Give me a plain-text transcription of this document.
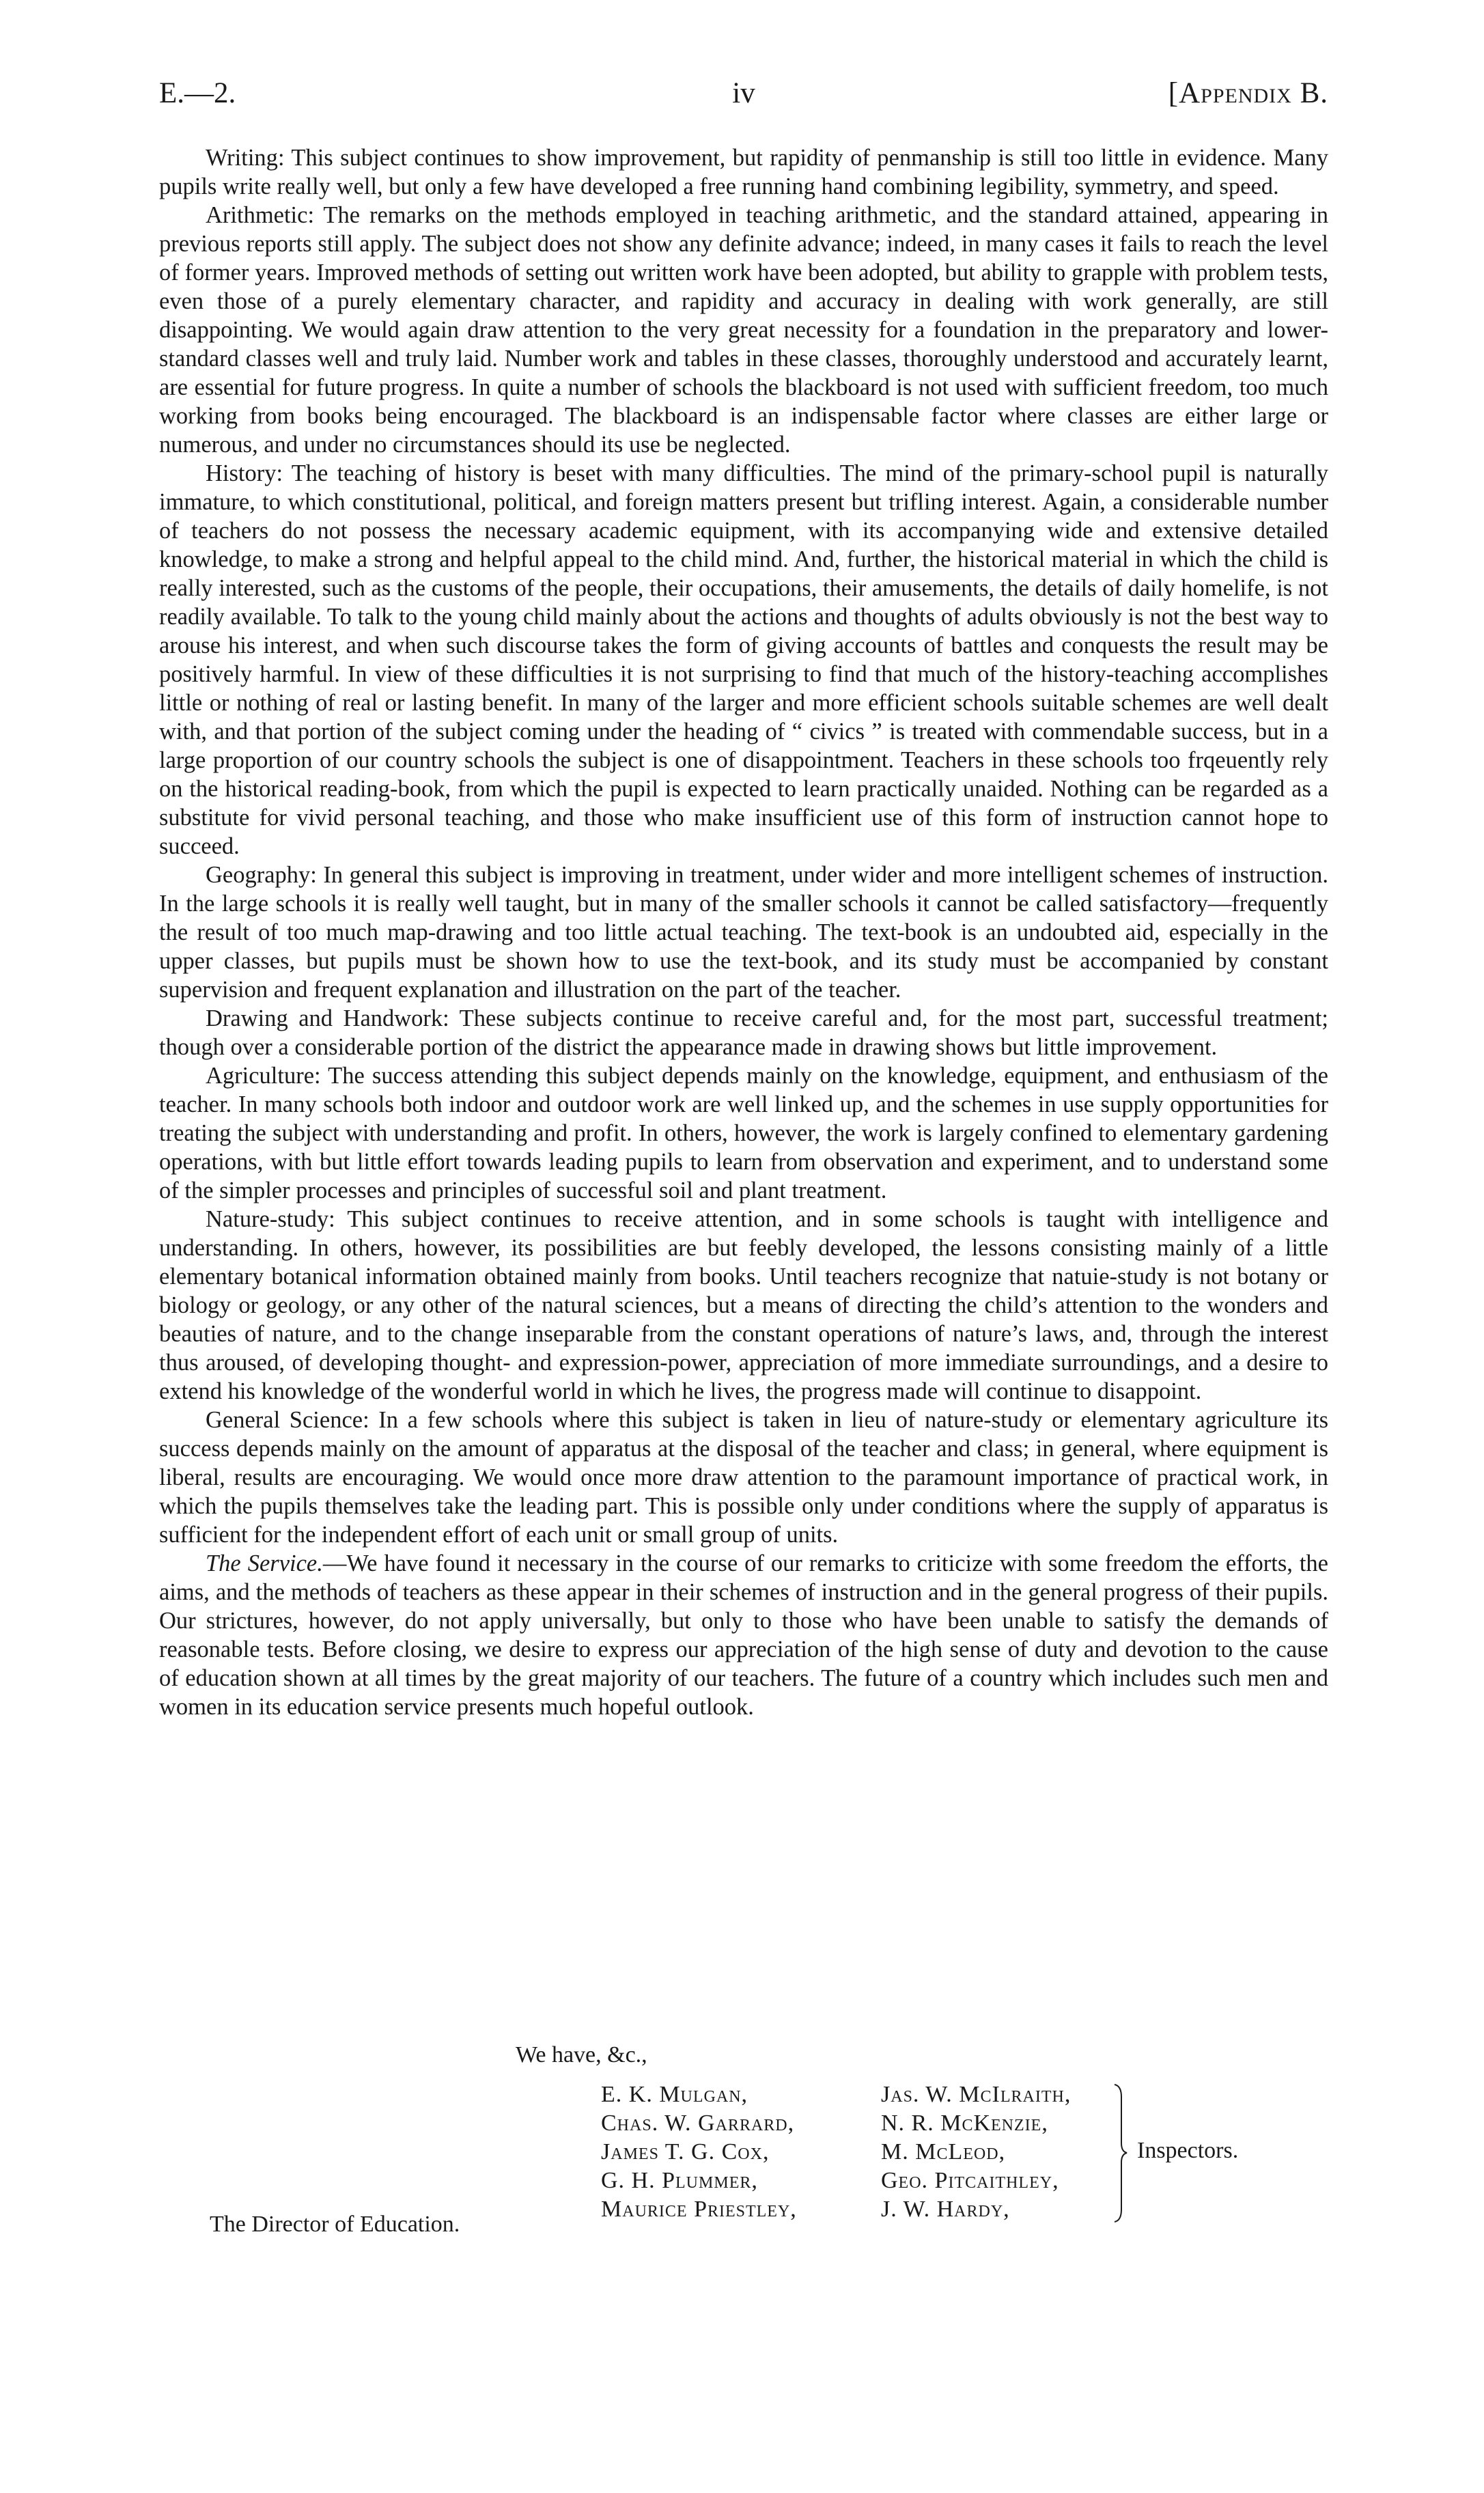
E.—2.	iv	[Appendix B.

Writing: This subject continues to show improvement, but rapidity of penmanship is still too little in evidence. Many pupils write really well, but only a few have developed a free running hand combining legibility, symmetry, and speed.

Arithmetic: The remarks on the methods employed in teaching arithmetic, and the standard attained, appearing in previous reports still apply. The subject does not show any definite advance; indeed, in many cases it fails to reach the level of former years. Improved methods of setting out written work have been adopted, but ability to grapple with problem tests, even those of a purely elementary character, and rapidity and accuracy in dealing with work generally, are still disappointing. We would again draw attention to the very great necessity for a foundation in the preparatory and lower-standard classes well and truly laid. Number work and tables in these classes, thoroughly understood and accurately learnt, are essential for future progress. In quite a number of schools the blackboard is not used with sufficient freedom, too much working from books being encouraged. The blackboard is an indispensable factor where classes are either large or numerous, and under no circumstances should its use be neglected.

History: The teaching of history is beset with many difficulties. The mind of the primary-school pupil is naturally immature, to which constitutional, political, and foreign matters present but trifling interest. Again, a considerable number of teachers do not possess the necessary academic equipment, with its accompanying wide and extensive detailed knowledge, to make a strong and helpful appeal to the child mind. And, further, the historical material in which the child is really interested, such as the customs of the people, their occupations, their amusements, the details of daily homelife, is not readily available. To talk to the young child mainly about the actions and thoughts of adults obviously is not the best way to arouse his interest, and when such discourse takes the form of giving accounts of battles and conquests the result may be positively harmful. In view of these difficulties it is not surprising to find that much of the history-teaching accomplishes little or nothing of real or lasting benefit. In many of the larger and more efficient schools suitable schemes are well dealt with, and that portion of the subject coming under the heading of “ civics ” is treated with commendable success, but in a large proportion of our country schools the subject is one of disappointment. Teachers in these schools too frqeuently rely on the historical reading-book, from which the pupil is expected to learn practically unaided. Nothing can be regarded as a substitute for vivid personal teaching, and those who make insufficient use of this form of instruction cannot hope to succeed.

Geography: In general this subject is improving in treatment, under wider and more intelligent schemes of instruction. In the large schools it is really well taught, but in many of the smaller schools it cannot be called satisfactory—frequently the result of too much map-drawing and too little actual teaching. The text-book is an undoubted aid, especially in the upper classes, but pupils must be shown how to use the text-book, and its study must be accompanied by constant supervision and frequent explanation and illustration on the part of the teacher.

Drawing and Handwork: These subjects continue to receive careful and, for the most part, successful treatment; though over a considerable portion of the district the appearance made in drawing shows but little improvement.

Agriculture: The success attending this subject depends mainly on the knowledge, equipment, and enthusiasm of the teacher. In many schools both indoor and outdoor work are well linked up, and the schemes in use supply opportunities for treating the subject with understanding and profit. In others, however, the work is largely confined to elementary gardening operations, with but little effort towards leading pupils to learn from observation and experiment, and to understand some of the simpler processes and principles of successful soil and plant treatment.

Nature-study: This subject continues to receive attention, and in some schools is taught with intelligence and understanding. In others, however, its possibilities are but feebly developed, the lessons consisting mainly of a little elementary botanical information obtained mainly from books. Until teachers recognize that natuie-study is not botany or biology or geology, or any other of the natural sciences, but a means of directing the child’s attention to the wonders and beauties of nature, and to the change inseparable from the constant operations of nature’s laws, and, through the interest thus aroused, of developing thought- and expression-power, appreciation of more immediate surroundings, and a desire to extend his knowledge of the wonderful world in which he lives, the progress made will continue to disappoint.

General Science: In a few schools where this subject is taken in lieu of nature-study or elementary agriculture its success depends mainly on the amount of apparatus at the disposal of the teacher and class; in general, where equipment is liberal, results are encouraging. We would once more draw attention to the paramount importance of practical work, in which the pupils themselves take the leading part. This is possible only under conditions where the supply of apparatus is sufficient for the independent effort of each unit or small group of units.

The Service.—We have found it necessary in the course of our remarks to criticize with some freedom the efforts, the aims, and the methods of teachers as these appear in their schemes of instruction and in the general progress of their pupils. Our strictures, however, do not apply universally, but only to those who have been unable to satisfy the demands of reasonable tests. Before closing, we desire to express our appreciation of the high sense of duty and devotion to the cause of education shown at all times by the great majority of our teachers. The future of a country which includes such men and women in its education service presents much hopeful outlook.

We have, &c.,
E. K. Mulgan,
Chas. W. Garrard,
James T. G. Cox,
G. H. Plummer,
Maurice Priestley,
Jas. W. McIlraith,
N. R. McKenzie,
M. McLeod,
Geo. Pitcaithley,
J. W. Hardy,
Inspectors.
The Director of Education.
